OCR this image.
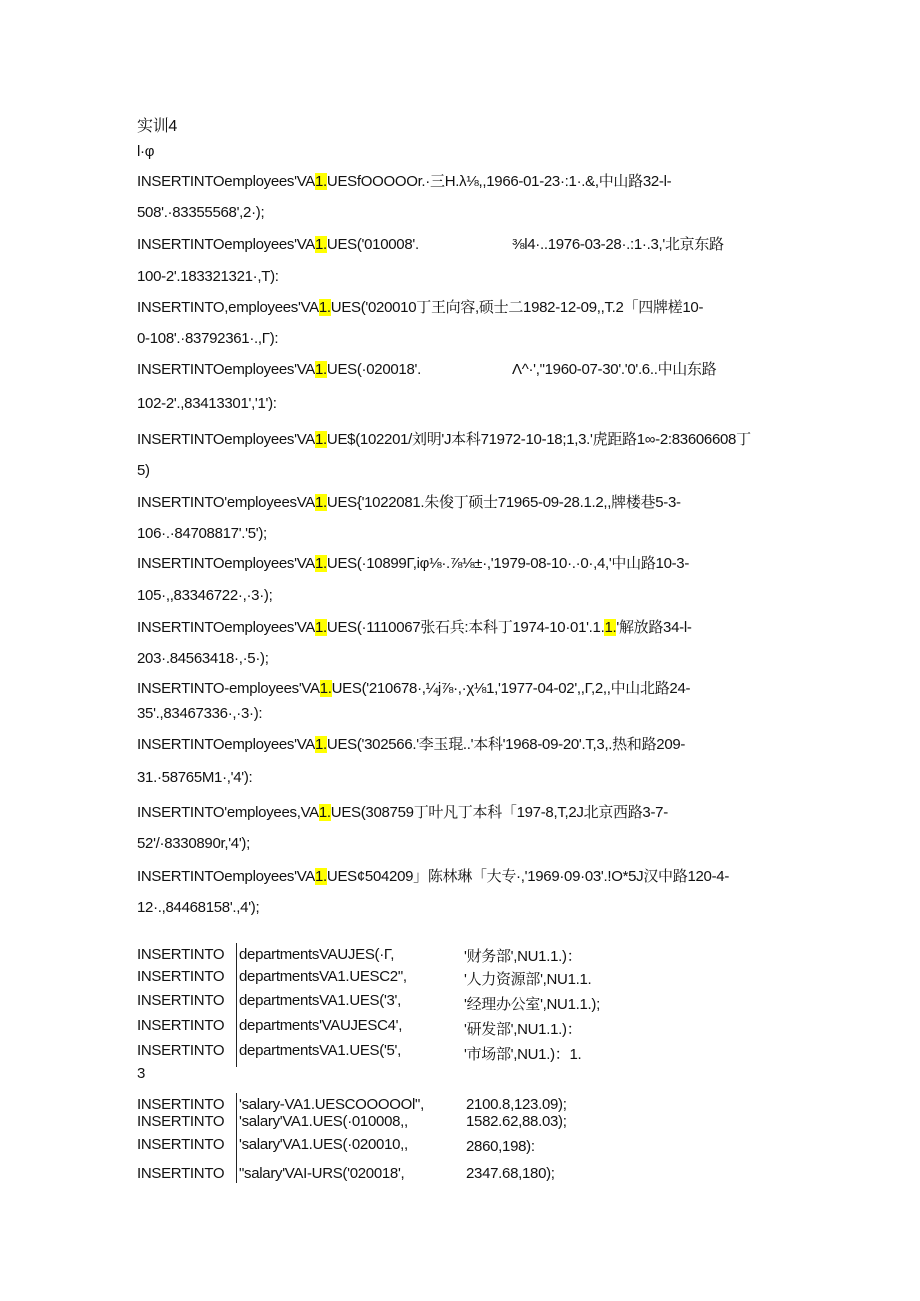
实训4
l·φ
INSERTINTOemployees'VA1.UESfOOOOOr.·三H.λ⅛,,1966-01-23·:1·.&,中山路32-l-
508'.·83355568',2·);
INSERTINTOemployees'VA1.UES('010008'.	⅜l4·..1976-03-28·.:1·.3,'北京东路
100-2'.183321321·,T):
INSERTINTO,employees'VA1.UES('020010丁王向容,硕士二1982-12-09,,T.2「四牌槎10-
0-108'.·83792361·.,Γ):
INSERTINTOemployees'VA1.UES(·020018'.	Λ^·',"1960-07-30'.'0'.6..中山东路
102-2'.,83413301','1'):
INSERTINTOemployees'VA1.UE$(102201/刘明'J本科71972-10-18;1,3.'虎距路1∞-2:83606608丁
5)
INSERTINTO'employeesVA1.UES{'1022081.朱俊丁硕士71965-09-28.1.2,,牌楼巷5-3-
106·.·84708817'.'5');
INSERTINTOemployees'VA1.UES(·10899Γ,iφ⅛·.⅞⅛±·,'1979-08-10·.·0·,4,'中山路10-3-
105·,,83346722·,·3·);
INSERTINTOemployees'VA1.UES(·1110067张石兵:本科丁1974-10·01'.1.1.'解放路34-l-
203·.84563418·,·5·);
INSERTINTO-employees'VA1.UES('210678·,¼j⅞·,·χ⅛1,'1977-04-02',,Γ,2,,中山北路24-
35'.,83467336·,·3·):
INSERTINTOemployees'VA1.UES('302566.'李玉琨..'本科'1968-09-20'.T,3,.热和路209-
31.·58765M1·,'4'):
INSERTINTO'employees,VA1.UES(308759丁叶凡丁本科「197-8,T,2J北京西路3-7-
52'/·8330890r,'4');
INSERTINTOemployees'VA1.UES¢504209」陈林琳「大专·,'1969·09·03'.!O*5J汉中路120-4-
12·.,84468158'.,4');
INSERTINTO departmentsVAUJES(·Γ,	'财务部',NU1.1.)：
INSERTINTO departmentsVA1.UESC2",	'人力资源部',NU1.1.
INSERTINTO departmentsVA1.UES('3',	'经理办公室',NU1.1.);
INSERTINTO departments'VAUJESC4',	'研发部',NU1.1.)：
INSERTINTO departmentsVA1.UES('5',	'市场部',NU1.)：1.
3
INSERTINTO 'salary-VA1.UESCOOOOOl",	2100.8,123.09);
INSERTINTO 'salary'VA1.UES(·010008,,	1582.62,88.03);
INSERTINTO 'salary'VA1.UES(·020010,,	2860,198):
INSERTINTO "salary'VAI-URS('020018',	2347.68,180);
